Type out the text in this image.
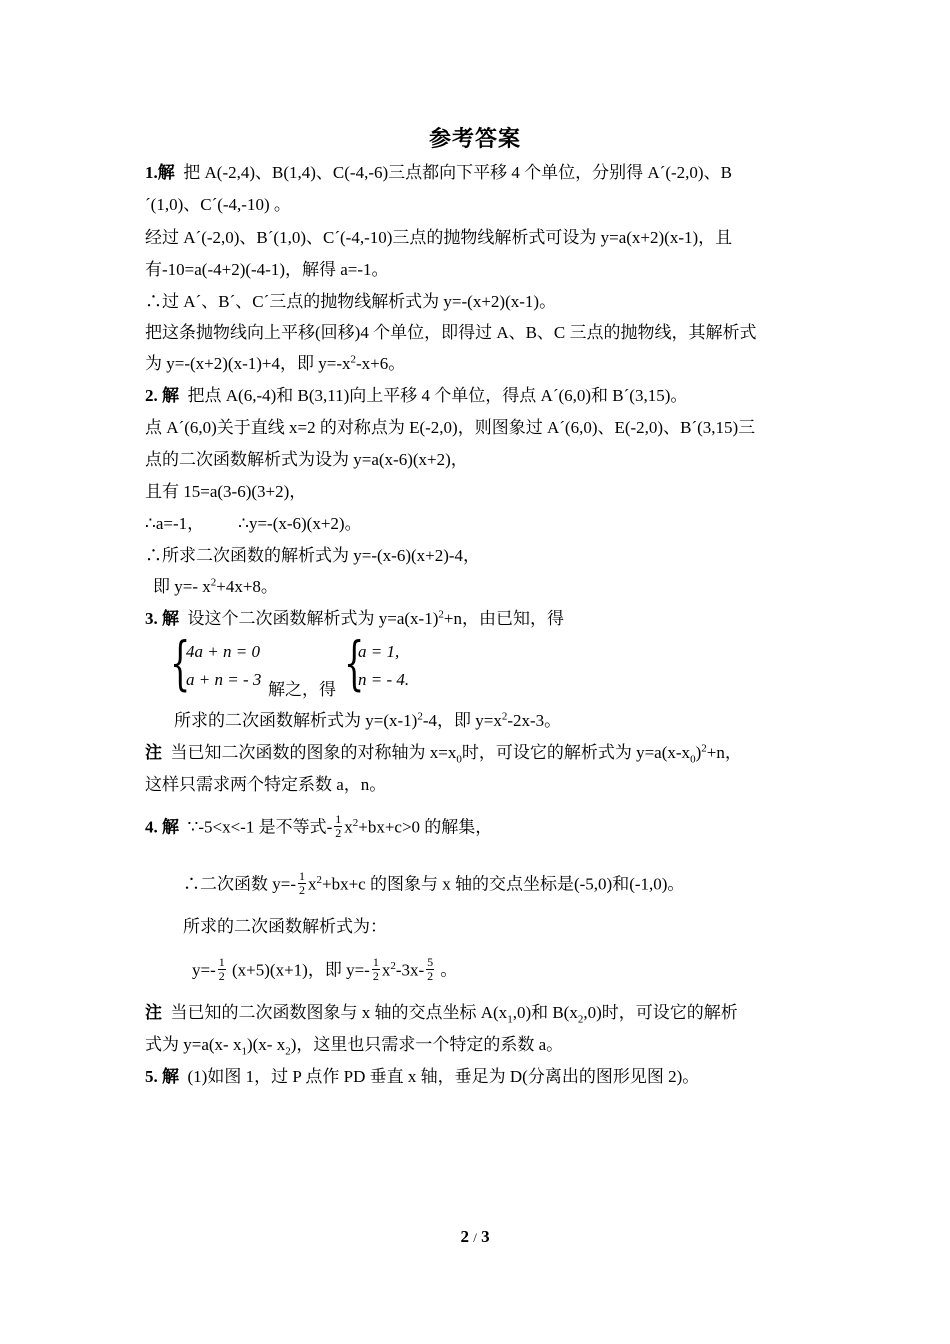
参考答案
1.解 把 A(-2,4)、B(1,4)、C(-4,-6)三点都向下平移 4 个单位，分别得 A´(-2,0)、B
´(1,0)、C´(-4,-10) 。
经过 A´(-2,0)、B´(1,0)、C´(-4,-10)三点的抛物线解析式可设为 y=a(x+2)(x-1)，且
有-10=a(-4+2)(-4-1)，解得 a=-1。
∴过 A´、B´、C´三点的抛物线解析式为 y=-(x+2)(x-1)。
把这条抛物线向上平移(回移)4 个单位，即得过 A、B、C 三点的抛物线，其解析式
为 y=-(x+2)(x-1)+4，即 $y=-x^2-x+6$。
2. 解 把点 A(6,-4)和 B(3,11)向上平移 4 个单位，得点 A´(6,0)和 B´(3,15)。
点 A´(6,0)关于直线 x=2 的对称点为 E(-2,0)，则图象过 A´(6,0)、E(-2,0)、B´(3,15)三
点的二次函数解析式为设为 y=a(x-6)(x+2)，
且有 15=a(3-6)(3+2)，
∴a=-1， ∴y=-(x-6)(x+2)。
∴所求二次函数的解析式为 y=-(x-6)(x+2)-4，
即 y=- $x^2+4x+8$。
3. 解 设这个二次函数解析式为 $y=a(x-1)^2+n$，由已知，得
{
4a + n = 0
a + n = - 3
解之，得 {
a = 1,
n = - 4.
所求的二次函数解析式为 $y=(x-1)^2-4$，即 $y=x^2-2x-3$。
注 当已知二次函数的图象的对称轴为 $x=x_0$时，可设它的解析式为 $y=a(x-x_0)^2+n$，
这样只需求两个特定系数 a，n。
4. 解 ∵-5<x<-1 是不等式- $\frac{1}{2} x^2+bx+c>0$ 的解集，
∴二次函数 $y=- \frac{1}{2} x^2+bx+c$ 的图象与 x 轴的交点坐标是(-5,0)和(-1,0)。
所求的二次函数解析式为：
$y=- \frac{1}{2} (x+5)(x+1)$，即 $y=- \frac{1}{2} x^2-3x- \frac{5}{2}$ 。
注 当已知的二次函数图象与 x 轴的交点坐标 $A(x_1,0)$和 $B(x_2,0)$时，可设它的解析
式为 y=a(x- $x_1)(x-$ $x_2$)，这里也只需求一个特定的系数 a。
5. 解 (1)如图 1，过 P 点作 PD 垂直 x 轴，垂足为 D(分离出的图形见图 2)。
2 / 3
